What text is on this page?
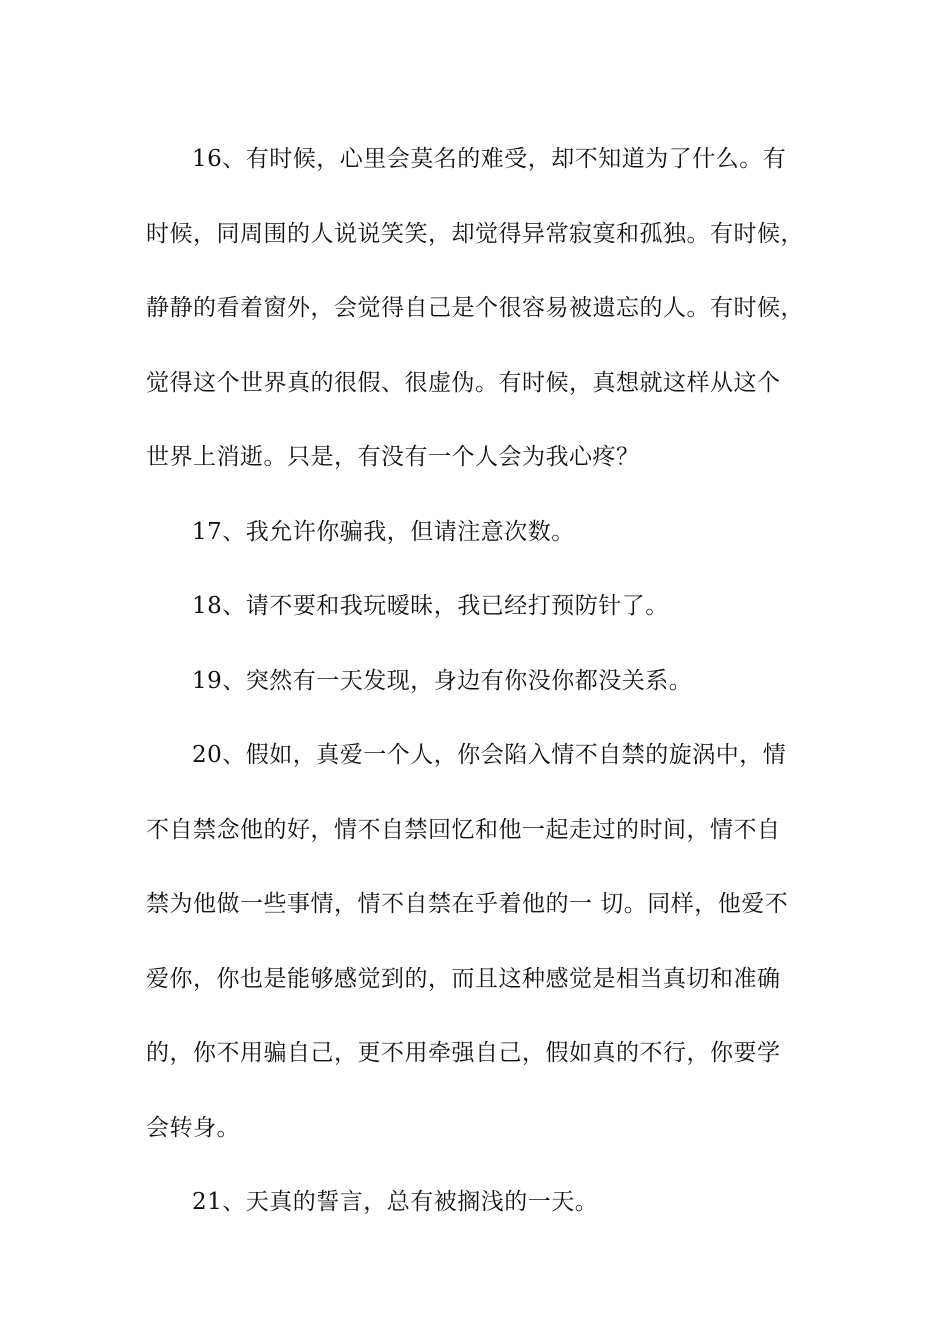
16、有时候，心里会莫名的难受，却不知道为了什么。有
时候，同周围的人说说笑笑，却觉得异常寂寞和孤独。有时候，
静静的看着窗外，会觉得自己是个很容易被遗忘的人。有时候，
觉得这个世界真的很假、很虚伪。有时候，真想就这样从这个
世界上消逝。只是，有没有一个人会为我心疼？

17、我允许你骗我，但请注意次数。

18、请不要和我玩暧昧，我已经打预防针了。

19、突然有一天发现，身边有你没你都没关系。

20、假如，真爱一个人，你会陷入情不自禁的旋涡中，情
不自禁念他的好，情不自禁回忆和他一起走过的时间，情不自
禁为他做一些事情，情不自禁在乎着他的一 切。同样，他爱不
爱你，你也是能够感觉到的，而且这种感觉是相当真切和准确
的，你不用骗自己，更不用牵强自己，假如真的不行，你要学
会转身。

21、天真的誓言，总有被搁浅的一天。
